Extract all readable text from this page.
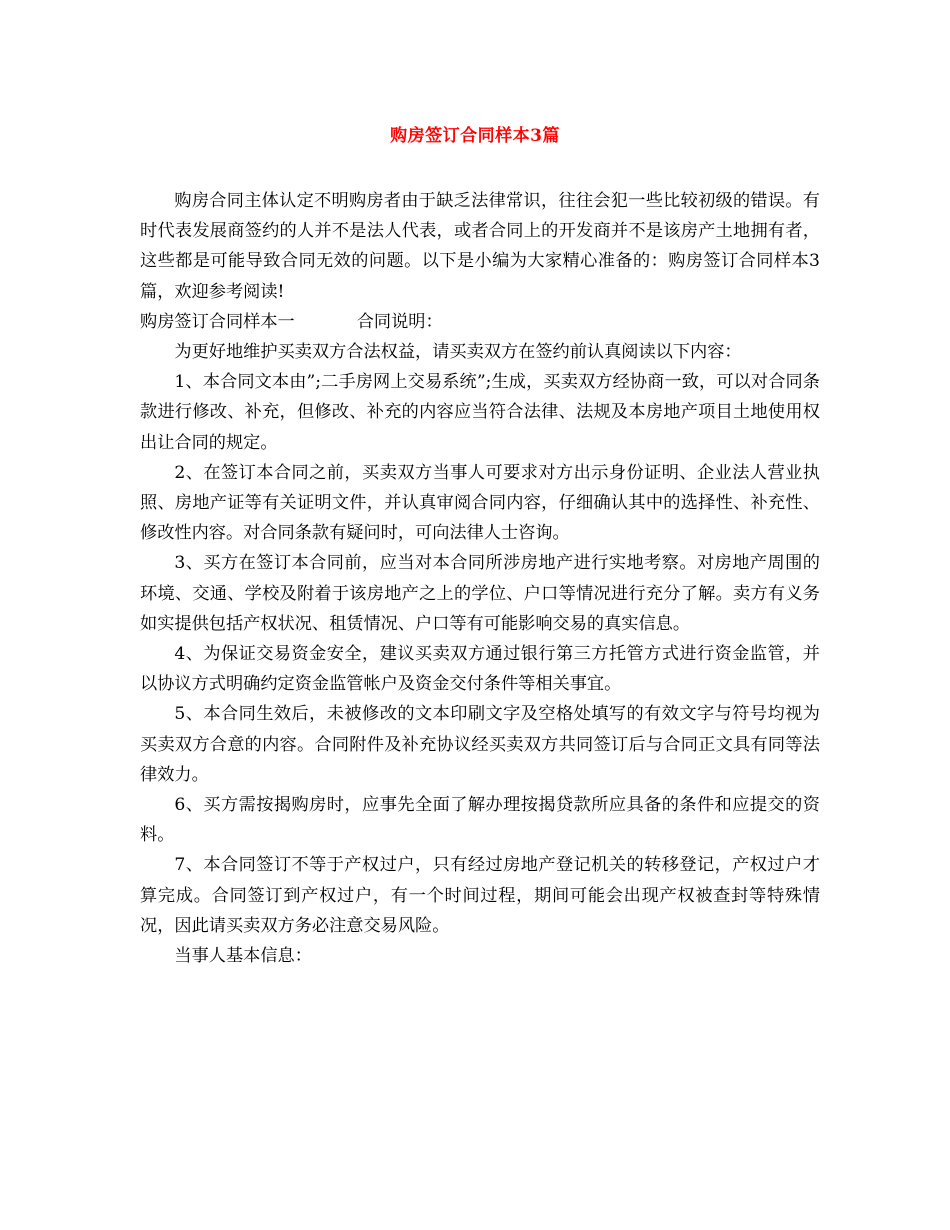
购房签订合同样本3篇

购房合同主体认定不明购房者由于缺乏法律常识，往往会犯一些比较初级的错误。有时代表发展商签约的人并不是法人代表，或者合同上的开发商并不是该房产土地拥有者，这些都是可能导致合同无效的问题。以下是小编为大家精心准备的：购房签订合同样本3篇，欢迎参考阅读!

购房签订合同样本一	合同说明：

为更好地维护买卖双方合法权益，请买卖双方在签约前认真阅读以下内容：

1、本合同文本由”;二手房网上交易系统”;生成，买卖双方经协商一致，可以对合同条款进行修改、补充，但修改、补充的内容应当符合法律、法规及本房地产项目土地使用权出让合同的规定。

2、在签订本合同之前，买卖双方当事人可要求对方出示身份证明、企业法人营业执照、房地产证等有关证明文件，并认真审阅合同内容，仔细确认其中的选择性、补充性、修改性内容。对合同条款有疑问时，可向法律人士咨询。

3、买方在签订本合同前，应当对本合同所涉房地产进行实地考察。对房地产周围的环境、交通、学校及附着于该房地产之上的学位、户口等情况进行充分了解。卖方有义务如实提供包括产权状况、租赁情况、户口等有可能影响交易的真实信息。

4、为保证交易资金安全，建议买卖双方通过银行第三方托管方式进行资金监管，并以协议方式明确约定资金监管帐户及资金交付条件等相关事宜。

5、本合同生效后，未被修改的文本印刷文字及空格处填写的有效文字与符号均视为买卖双方合意的内容。合同附件及补充协议经买卖双方共同签订后与合同正文具有同等法律效力。

6、买方需按揭购房时，应事先全面了解办理按揭贷款所应具备的条件和应提交的资料。

7、本合同签订不等于产权过户，只有经过房地产登记机关的转移登记，产权过户才算完成。合同签订到产权过户，有一个时间过程，期间可能会出现产权被查封等特殊情况，因此请买卖双方务必注意交易风险。

当事人基本信息：
